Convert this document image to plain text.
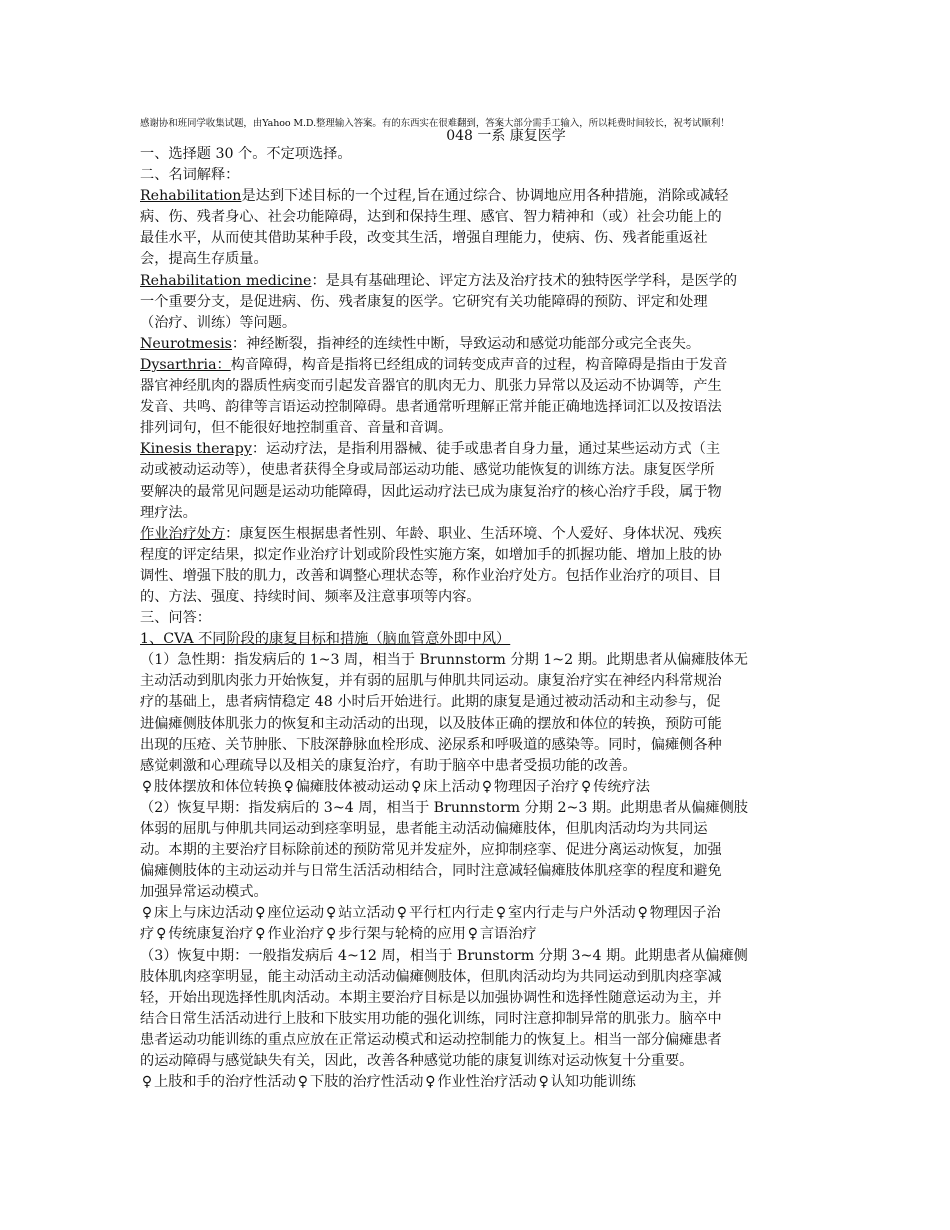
感谢协和班同学收集试题，由Yahoo M.D.整理输入答案。有的东西实在很难翻到，答案大部分需手工输入，所以耗费时间较长，祝考试顺利！
048 一系 康复医学
一、选择题 30 个。不定项选择。
二、名词解释：
Rehabilitation是达到下述目标的一个过程,旨在通过综合、协调地应用各种措施，消除或减轻
病、伤、残者身心、社会功能障碍，达到和保持生理、感官、智力精神和（或）社会功能上的
最佳水平，从而使其借助某种手段，改变其生活，增强自理能力，使病、伤、残者能重返社
会，提高生存质量。
Rehabilitation medicine：是具有基础理论、评定方法及治疗技术的独特医学学科，是医学的
一个重要分支，是促进病、伤、残者康复的医学。它研究有关功能障碍的预防、评定和处理
（治疗、训练）等问题。
Neurotmesis：神经断裂，指神经的连续性中断，导致运动和感觉功能部分或完全丧失。
Dysarthria：构音障碍，构音是指将已经组成的词转变成声音的过程，构音障碍是指由于发音
器官神经肌肉的器质性病变而引起发音器官的肌肉无力、肌张力异常以及运动不协调等，产生
发音、共鸣、韵律等言语运动控制障碍。患者通常听理解正常并能正确地选择词汇以及按语法
排列词句，但不能很好地控制重音、音量和音调。
Kinesis therapy：运动疗法，是指利用器械、徒手或患者自身力量，通过某些运动方式（主
动或被动运动等），使患者获得全身或局部运动功能、感觉功能恢复的训练方法。康复医学所
要解决的最常见问题是运动功能障碍，因此运动疗法已成为康复治疗的核心治疗手段，属于物
理疗法。
作业治疗处方：康复医生根据患者性别、年龄、职业、生活环境、个人爱好、身体状况、残疾
程度的评定结果，拟定作业治疗计划或阶段性实施方案，如增加手的抓握功能、增加上肢的协
调性、增强下肢的肌力，改善和调整心理状态等，称作业治疗处方。包括作业治疗的项目、目
的、方法、强度、持续时间、频率及注意事项等内容。
三、问答：
1、CVA 不同阶段的康复目标和措施（脑血管意外即中风）
（1）急性期：指发病后的 1~3 周，相当于 Brunnstorm 分期 1~2 期。此期患者从偏瘫肢体无
主动活动到肌肉张力开始恢复，并有弱的屈肌与伸肌共同运动。康复治疗实在神经内科常规治
疗的基础上，患者病情稳定 48 小时后开始进行。此期的康复是通过被动活动和主动参与，促
进偏瘫侧肢体肌张力的恢复和主动活动的出现，以及肢体正确的摆放和体位的转换，预防可能
出现的压疮、关节肿胀、下肢深静脉血栓形成、泌尿系和呼吸道的感染等。同时，偏瘫侧各种
感觉刺激和心理疏导以及相关的康复治疗，有助于脑卒中患者受损功能的改善。
♀ 肢体摆放和体位转换 ♀ 偏瘫肢体被动运动 ♀ 床上活动 ♀ 物理因子治疗 ♀ 传统疗法
（2）恢复早期：指发病后的 3~4 周，相当于 Brunnstorm 分期 2~3 期。此期患者从偏瘫侧肢
体弱的屈肌与伸肌共同运动到痉挛明显，患者能主动活动偏瘫肢体，但肌肉活动均为共同运
动。本期的主要治疗目标除前述的预防常见并发症外，应抑制痉挛、促进分离运动恢复，加强
偏瘫侧肢体的主动运动并与日常生活活动相结合，同时注意减轻偏瘫肢体肌痉挛的程度和避免
加强异常运动模式。
♀ 床上与床边活动 ♀ 座位运动 ♀ 站立活动 ♀ 平行杠内行走 ♀ 室内行走与户外活动 ♀ 物理因子治
疗 ♀ 传统康复治疗 ♀ 作业治疗 ♀ 步行架与轮椅的应用 ♀ 言语治疗
（3）恢复中期：一般指发病后 4~12 周，相当于 Brunstorm 分期 3~4 期。此期患者从偏瘫侧
肢体肌肉痉挛明显，能主动活动主动活动偏瘫侧肢体，但肌肉活动均为共同运动到肌肉痉挛减
轻，开始出现选择性肌肉活动。本期主要治疗目标是以加强协调性和选择性随意运动为主，并
结合日常生活活动进行上肢和下肢实用功能的强化训练，同时注意抑制异常的肌张力。脑卒中
患者运动功能训练的重点应放在正常运动模式和运动控制能力的恢复上。相当一部分偏瘫患者
的运动障碍与感觉缺失有关，因此，改善各种感觉功能的康复训练对运动恢复十分重要。
♀ 上肢和手的治疗性活动 ♀ 下肢的治疗性活动 ♀ 作业性治疗活动 ♀ 认知功能训练
